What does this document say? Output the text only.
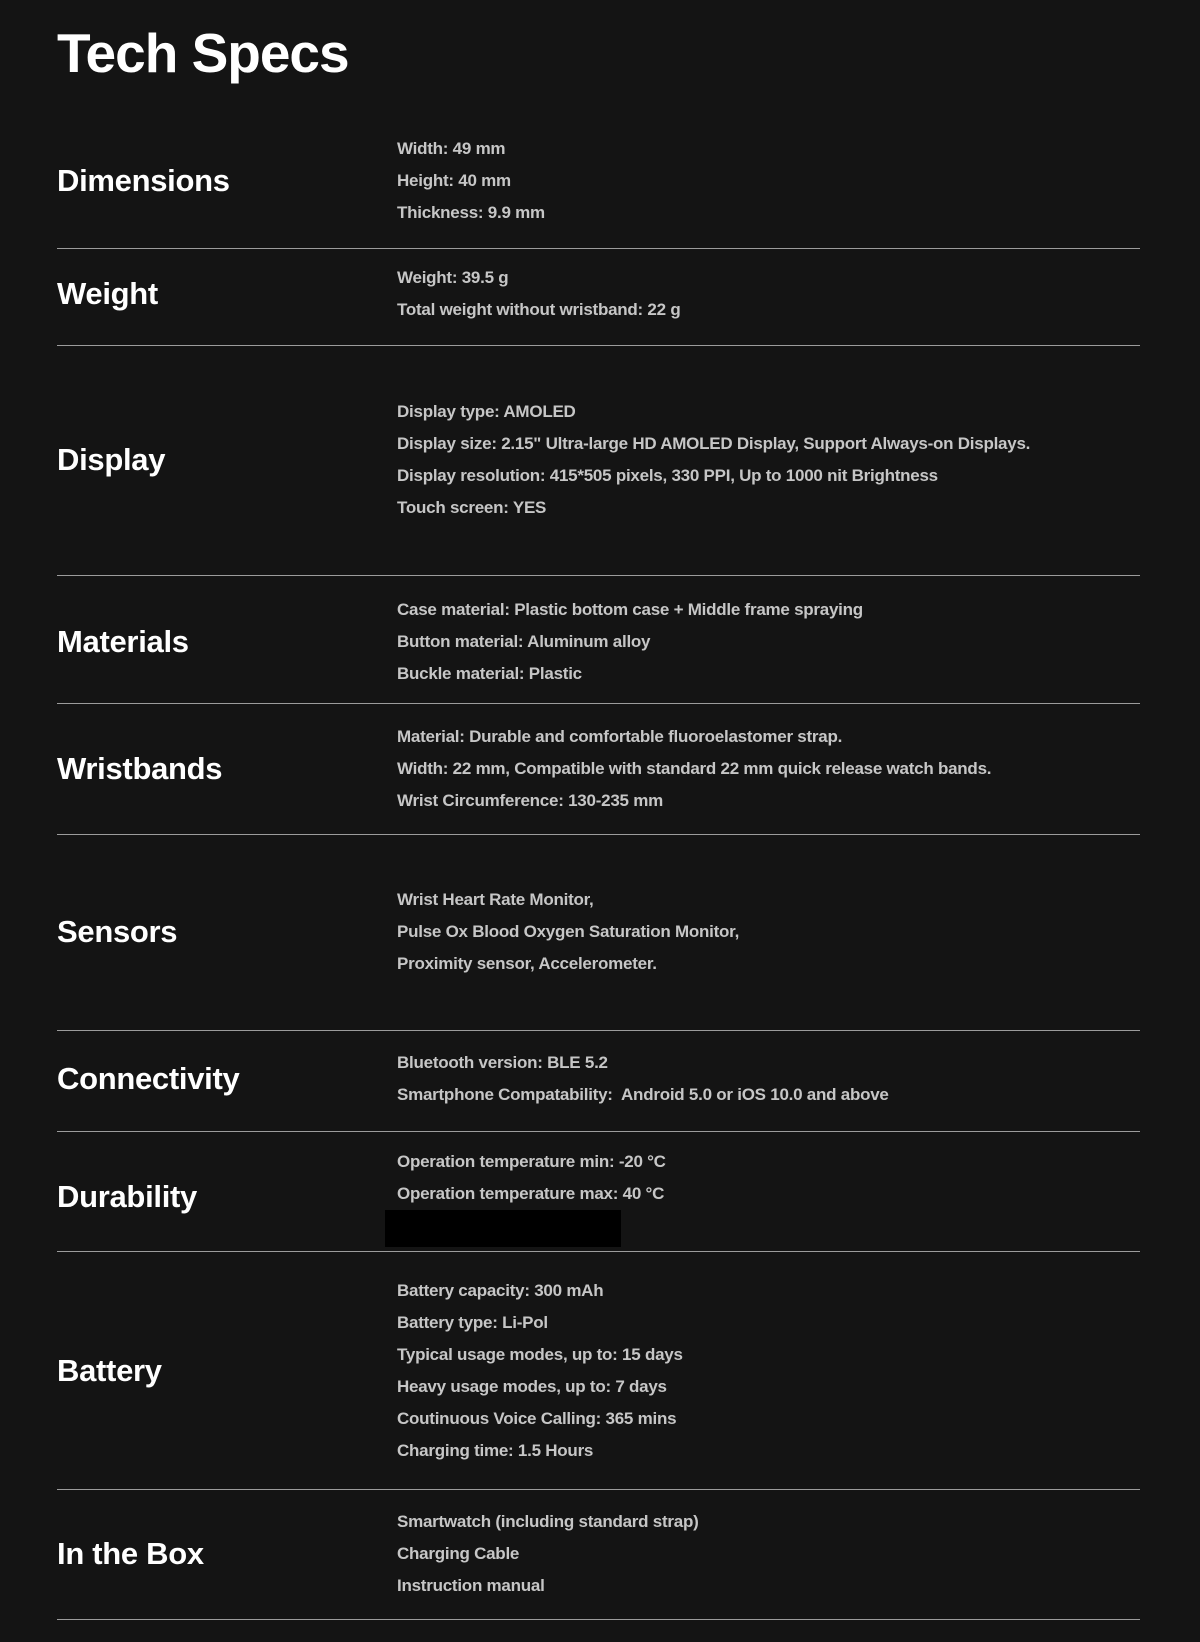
Tech Specs
Dimensions

Width: 49 mm

Height: 40 mm

Thickness: 9.9 mm

Weight	Weight: 39.5 g

Total weight without wristband: 22 g

Display

Display type: AMOLED

Display size: 2.15" Ultra-large HD AMOLED Display, Support Always-on Displays.

Display resolution: 415*505 pixels, 330 PPI, Up to 1000 nit Brightness

Touch screen: YES

Materials

Case material: Plastic bottom case + Middle frame spraying

Button material: Aluminum alloy

Buckle material: Plastic

Wristbands

Material: Durable and comfortable fluoroelastomer strap.

Width: 22 mm, Compatible with standard 22 mm quick release watch bands.

Wrist Circumference: 130-235 mm

Sensors

Wrist Heart Rate Monitor,

Pulse Ox Blood Oxygen Saturation Monitor,

Proximity sensor, Accelerometer.

Connectivity	Bluetooth version: BLE 5.2

Smartphone Compatability:  Android 5.0 or iOS 10.0 and above

Durability

Operation temperature min: -20 °C

Operation temperature max: 40 °C

Battery

Battery capacity: 300 mAh

Battery type: Li-Pol

Typical usage modes, up to: 15 days

Heavy usage modes, up to: 7 days

Coutinuous Voice Calling: 365 mins

Charging time: 1.5 Hours

In the Box

Smartwatch (including standard strap)

Charging Cable

Instruction manual
